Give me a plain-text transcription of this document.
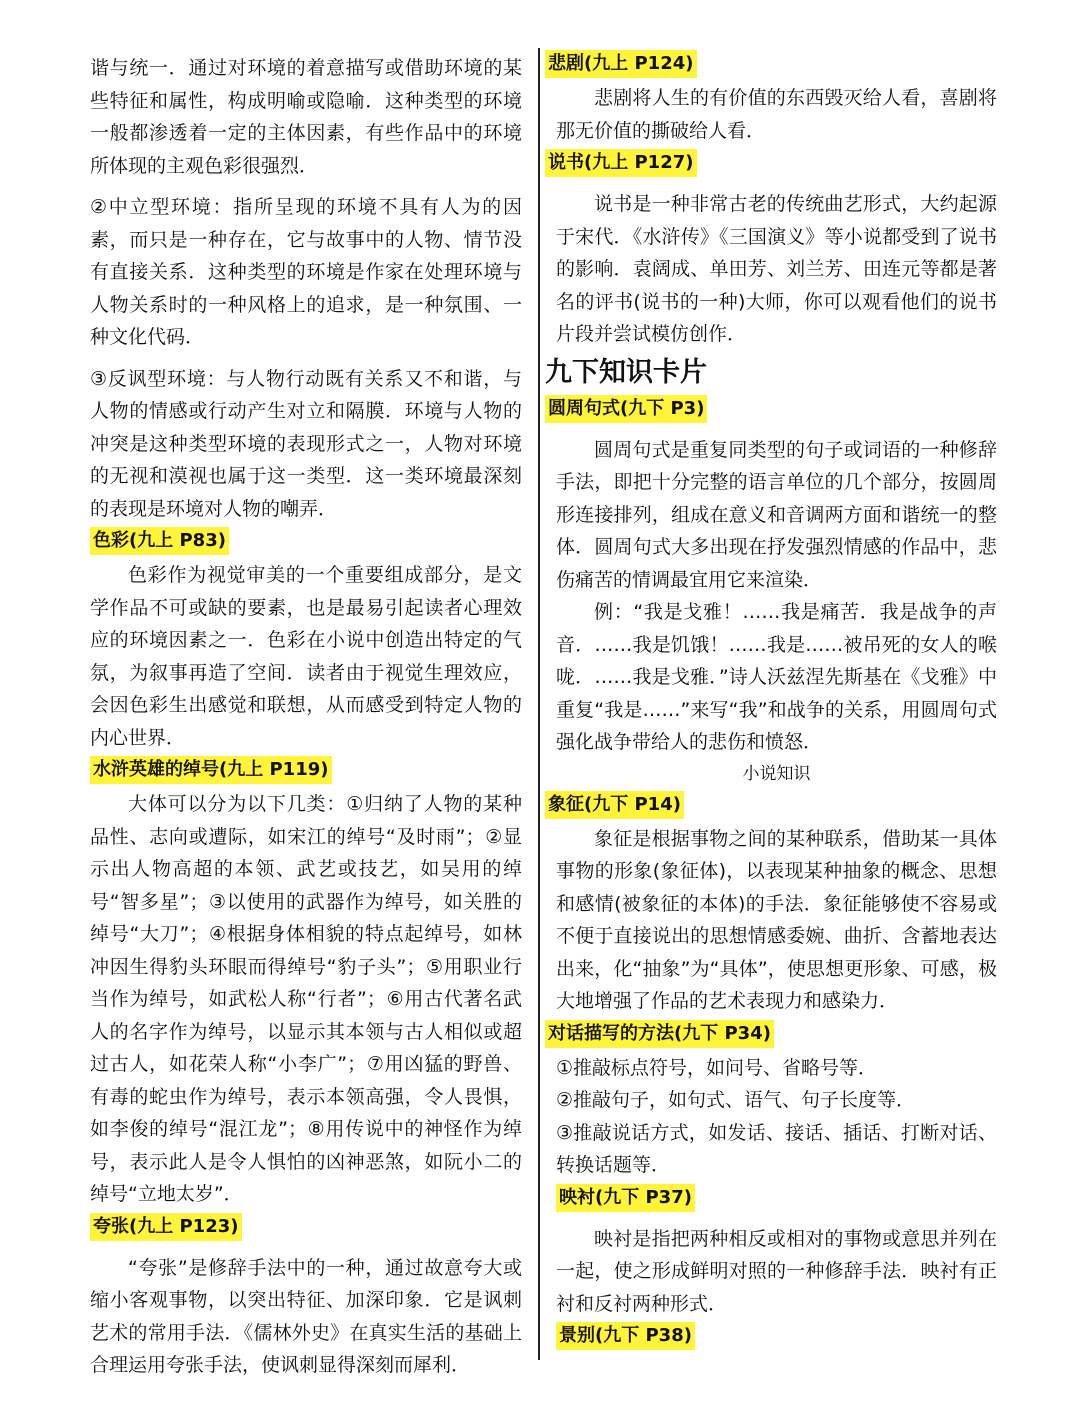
谐与统一．通过对环境的着意描写或借助环境的某些特征和属性，构成明喻或隐喻．这种类型的环境一般都渗透着一定的主体因素，有些作品中的环境所体现的主观色彩很强烈．

②中立型环境：指所呈现的环境不具有人为的因素，而只是一种存在，它与故事中的人物、情节没有直接关系．这种类型的环境是作家在处理环境与人物关系时的一种风格上的追求，是一种氛围、一种文化代码．

③反讽型环境：与人物行动既有关系又不和谐，与人物的情感或行动产生对立和隔膜．环境与人物的冲突是这种类型环境的表现形式之一，人物对环境的无视和漠视也属于这一类型．这一类环境最深刻的表现是环境对人物的嘲弄．

色彩(九上 P83)

色彩作为视觉审美的一个重要组成部分，是文学作品不可或缺的要素，也是最易引起读者心理效应的环境因素之一．色彩在小说中创造出特定的气氛，为叙事再造了空间．读者由于视觉生理效应，会因色彩生出感觉和联想，从而感受到特定人物的内心世界．

水浒英雄的绰号(九上 P119)

大体可以分为以下几类：①归纳了人物的某种品性、志向或遭际，如宋江的绰号“及时雨”；②显示出人物高超的本领、武艺或技艺，如吴用的绰号“智多星”；③以使用的武器作为绰号，如关胜的绰号“大刀”；④根据身体相貌的特点起绰号，如林冲因生得豹头环眼而得绰号“豹子头”；⑤用职业行当作为绰号，如武松人称“行者”；⑥用古代著名武人的名字作为绰号，以显示其本领与古人相似或超过古人，如花荣人称“小李广”；⑦用凶猛的野兽、有毒的蛇虫作为绰号，表示本领高强，令人畏惧，如李俊的绰号“混江龙”；⑧用传说中的神怪作为绰号，表示此人是令人惧怕的凶神恶煞，如阮小二的绰号“立地太岁”．

夸张(九上 P123)

“夸张”是修辞手法中的一种，通过故意夸大或缩小客观事物，以突出特征、加深印象．它是讽刺艺术的常用手法．《儒林外史》在真实生活的基础上合理运用夸张手法，使讽刺显得深刻而犀利．

悲剧(九上 P124)

悲剧将人生的有价值的东西毁灭给人看，喜剧将那无价值的撕破给人看．

说书(九上 P127)

说书是一种非常古老的传统曲艺形式，大约起源于宋代．《水浒传》《三国演义》等小说都受到了说书的影响．袁阔成、单田芳、刘兰芳、田连元等都是著名的评书(说书的一种)大师，你可以观看他们的说书片段并尝试模仿创作．

九下知识卡片
圆周句式(九下 P3)

圆周句式是重复同类型的句子或词语的一种修辞手法，即把十分完整的语言单位的几个部分，按圆周形连接排列，组成在意义和音调两方面和谐统一的整体．圆周句式大多出现在抒发强烈情感的作品中，悲伤痛苦的情调最宜用它来渲染．

例：“我是戈雅！……我是痛苦．我是战争的声音．……我是饥饿！……我是……被吊死的女人的喉咙．……我是戈雅．”诗人沃兹涅先斯基在《戈雅》中重复“我是……”来写“我”和战争的关系，用圆周句式强化战争带给人的悲伤和愤怒．

小说知识

象征(九下 P14)

象征是根据事物之间的某种联系，借助某一具体事物的形象(象征体)，以表现某种抽象的概念、思想和感情(被象征的本体)的手法．象征能够使不容易或不便于直接说出的思想情感委婉、曲折、含蓄地表达出来，化“抽象”为“具体”，使思想更形象、可感，极大地增强了作品的艺术表现力和感染力．

对话描写的方法(九下 P34)

①推敲标点符号，如问号、省略号等．

②推敲句子，如句式、语气、句子长度等．

③推敲说话方式，如发话、接话、插话、打断对话、转换话题等．

映衬(九下 P37)

映衬是指把两种相反或相对的事物或意思并列在一起，使之形成鲜明对照的一种修辞手法．映衬有正衬和反衬两种形式．

景别(九下 P38)
